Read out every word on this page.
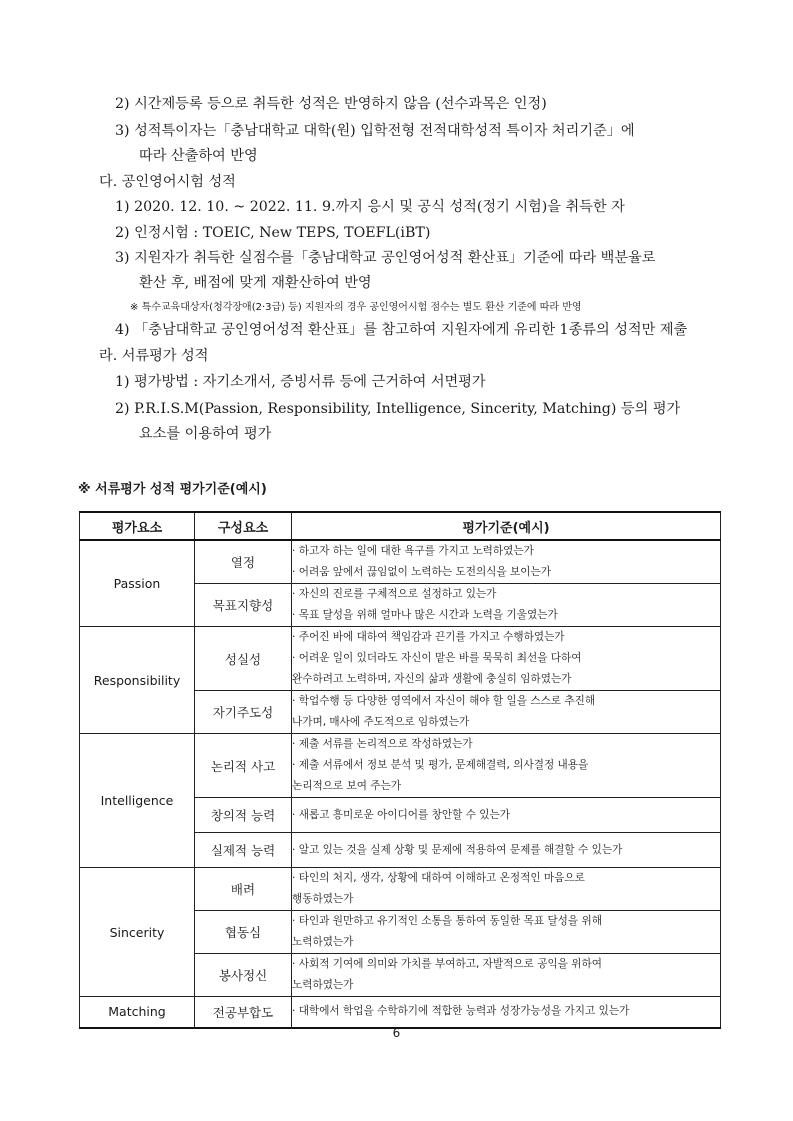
2) 시간제등록 등으로 취득한 성적은 반영하지 않음 (선수과목은 인정)
3) 성적특이자는「충남대학교 대학(원) 입학전형 전적대학성적 특이자 처리기준」에
따라 산출하여 반영
다. 공인영어시험 성적
1) 2020. 12. 10. ~ 2022. 11. 9.까지 응시 및 공식 성적(정기 시험)을 취득한 자
2) 인정시험 : TOEIC, New TEPS, TOEFL(iBT)
3) 지원자가 취득한 실점수를「충남대학교 공인영어성적 환산표」기준에 따라 백분율로
환산 후, 배점에 맞게 재환산하여 반영
※ 특수교육대상자(청각장애(2·3급) 등) 지원자의 경우 공인영어시험 점수는 별도 환산 기준에 따라 반영
4) 「충남대학교 공인영어성적 환산표」를 참고하여 지원자에게 유리한 1종류의 성적만 제출
라. 서류평가 성적
1) 평가방법 : 자기소개서, 증빙서류 등에 근거하여 서면평가
2) P.R.I.S.M(Passion, Responsibility, Intelligence, Sincerity, Matching) 등의 평가
요소를 이용하여 평가
※ 서류평가 성적 평가기준(예시)
평가요소	구성요소	평가기준(예시)
Passion	열정	· 하고자 하는 일에 대한 욕구를 가지고 노력하였는가
· 어려움 앞에서 끊임없이 노력하는 도전의식을 보이는가

	목표지향성	· 자신의 진로를 구체적으로 설정하고 있는가
· 목표 달성을 위해 얼마나 많은 시간과 노력을 기울였는가

Responsibility	성실성	· 주어진 바에 대하여 책임감과 끈기를 가지고 수행하였는가
· 어려운 일이 있더라도 자신이 맡은 바를 묵묵히 최선을 다하여
완수하려고 노력하며, 자신의 삶과 생활에 충실히 임하였는가

	자기주도성	· 학업수행 등 다양한 영역에서 자신이 해야 할 일을 스스로 추진해
나가며, 매사에 주도적으로 임하였는가

Intelligence	논리적 사고	· 제출 서류를 논리적으로 작성하였는가
· 제출 서류에서 정보 분석 및 평가, 문제해결력, 의사결정 내용을
논리적으로 보여 주는가

	창의적 능력	· 새롭고 흥미로운 아이디어를 창안할 수 있는가

	실제적 능력	· 알고 있는 것을 실제 상황 및 문제에 적용하여 문제를 해결할 수 있는가

Sincerity	배려	· 타인의 처지, 생각, 상황에 대하여 이해하고 온정적인 마음으로
행동하였는가

	협동심	· 타인과 원만하고 유기적인 소통을 통하여 동일한 목표 달성을 위해
노력하였는가

	봉사정신	· 사회적 기여에 의미와 가치를 부여하고, 자발적으로 공익을 위하여
노력하였는가

Matching	전공부합도	· 대학에서 학업을 수학하기에 적합한 능력과 성장가능성을 가지고 있는가
6
